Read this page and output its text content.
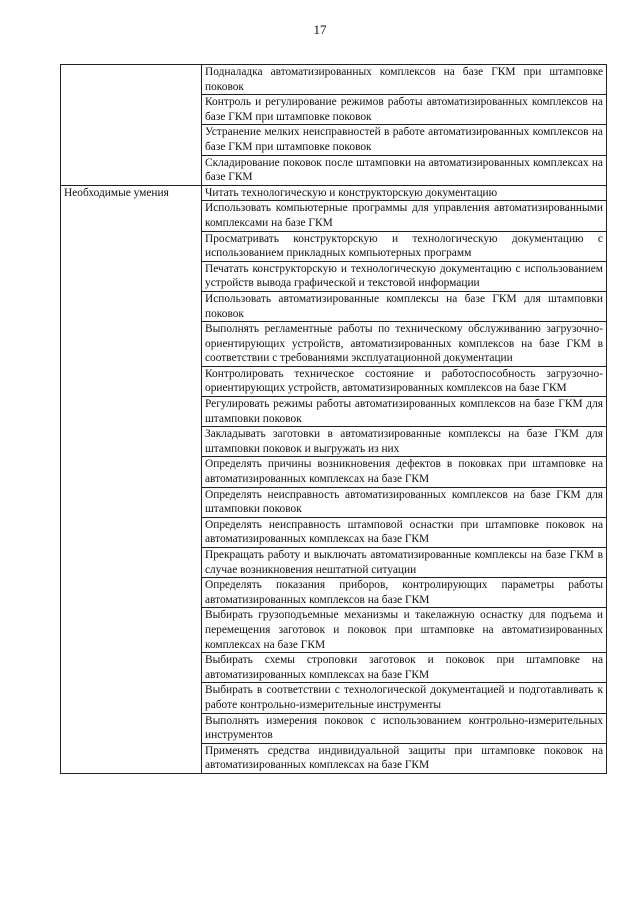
17
	Подналадка автоматизированных комплексов на базе ГКМ при штамповке поковок
	Контроль и регулирование режимов работы автоматизированных комплексов на базе ГКМ при штамповке поковок
	Устранение мелких неисправностей в работе автоматизированных комплексов на базе ГКМ при штамповке поковок
	Складирование поковок после штамповки на автоматизированных комплексах на базе ГКМ
Необходимые умения	Читать технологическую и конструкторскую документацию
	Использовать компьютерные программы для управления автоматизированными комплексами на базе ГКМ
	Просматривать конструкторскую и технологическую документацию с использованием прикладных компьютерных программ
	Печатать конструкторскую и технологическую документацию с использованием устройств вывода графической и текстовой информации
	Использовать автоматизированные комплексы на базе ГКМ для штамповки поковок
	Выполнять регламентные работы по техническому обслуживанию загрузочно-ориентирующих устройств, автоматизированных комплексов на базе ГКМ в соответствии с требованиями эксплуатационной документации
	Контролировать техническое состояние и работоспособность загрузочно-ориентирующих устройств, автоматизированных комплексов на базе ГКМ
	Регулировать режимы работы автоматизированных комплексов на базе ГКМ для штамповки поковок
	Закладывать заготовки в автоматизированные комплексы на базе ГКМ для штамповки поковок и выгружать из них
	Определять причины возникновения дефектов в поковках при штамповке на автоматизированных комплексах на базе ГКМ
	Определять неисправность автоматизированных комплексов на базе ГКМ для штамповки поковок
	Определять неисправность штамповой оснастки при штамповке поковок на автоматизированных комплексах на базе ГКМ
	Прекращать работу и выключать автоматизированные комплексы на базе ГКМ в случае возникновения нештатной ситуации
	Определять показания приборов, контролирующих параметры работы автоматизированных комплексов на базе ГКМ
	Выбирать грузоподъемные механизмы и такелажную оснастку для подъема и перемещения заготовок и поковок при штамповке на автоматизированных комплексах на базе ГКМ
	Выбирать схемы строповки заготовок и поковок при штамповке на автоматизированных комплексах на базе ГКМ
	Выбирать в соответствии с технологической документацией и подготавливать к работе контрольно-измерительные инструменты
	Выполнять измерения поковок с использованием контрольно-измерительных инструментов
	Применять средства индивидуальной защиты при штамповке поковок на автоматизированных комплексах на базе ГКМ
